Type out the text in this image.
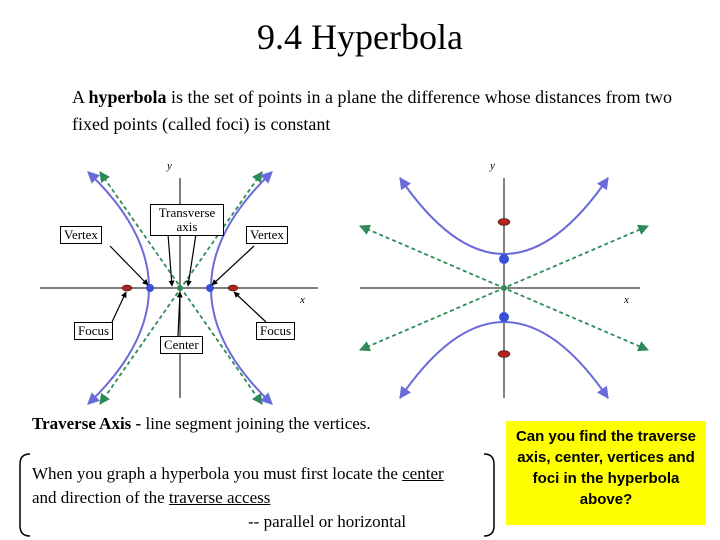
9.4 Hyperbola
A hyperbola is the set of points in a plane the difference whose distances from two fixed points (called foci) is constant
y
x
y
x
Vertex
Transverse axis
Vertex
Focus
Center
Focus
Traverse Axis - line segment joining the vertices.
When you graph a hyperbola you must first locate the center and direction of the traverse access
-- parallel or horizontal
Can you find the traverse axis, center, vertices and foci in the hyperbola above?
